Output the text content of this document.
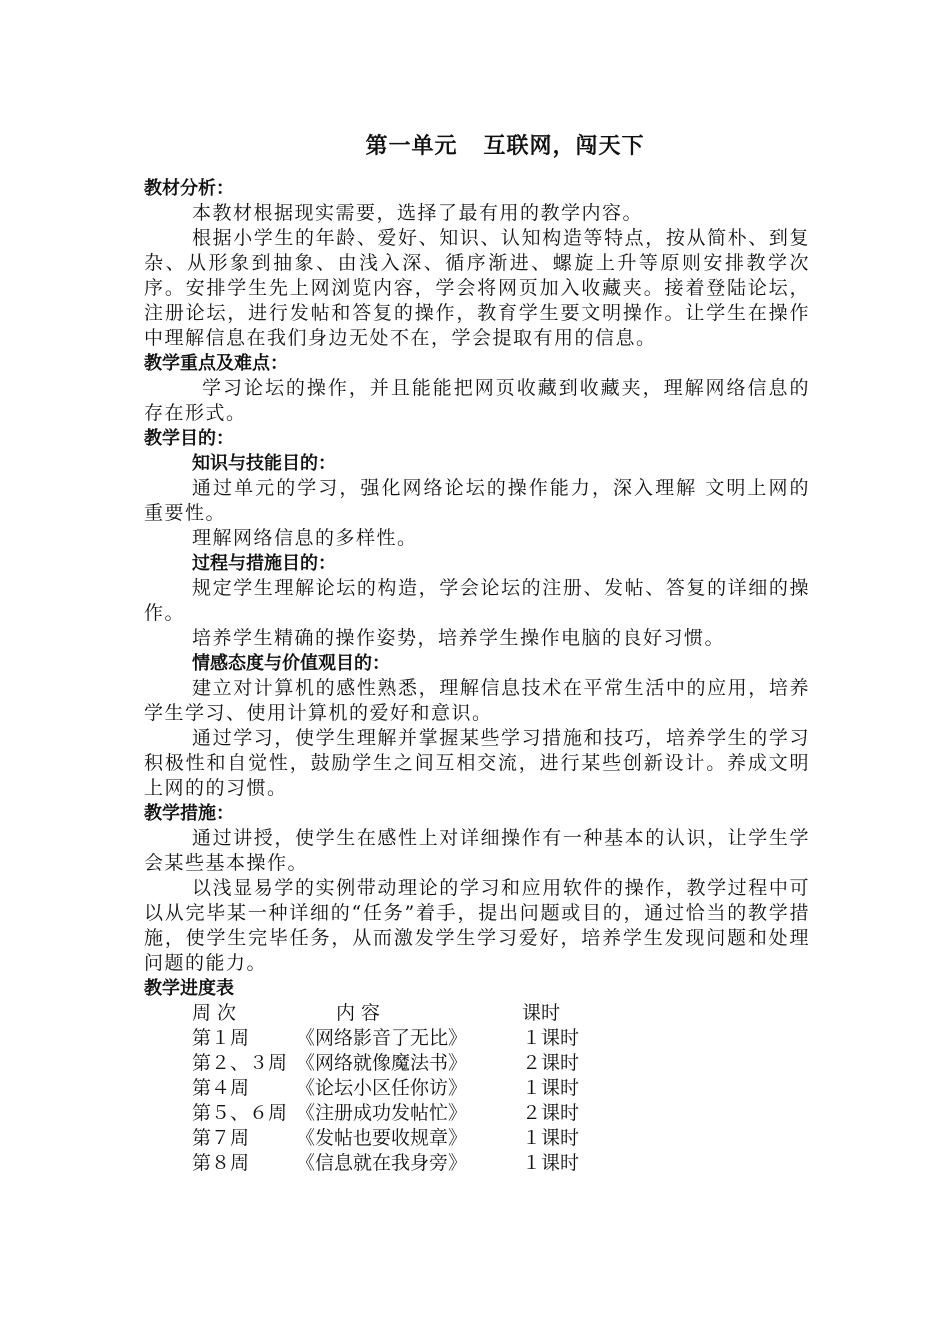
第一单元 互联网，闯天下
教材分析：
本教材根据现实需要，选择了最有用的教学内容。
根据小学生的年龄、爱好、知识、认知构造等特点，按从简朴、到复杂、从形象到抽象、由浅入深、循序渐进、螺旋上升等原则安排教学次序。安排学生先上网浏览内容，学会将网页加入收藏夹。接着登陆论坛，注册论坛，进行发帖和答复的操作，教育学生要文明操作。让学生在操作中理解信息在我们身边无处不在，学会提取有用的信息。
教学重点及难点：
学习论坛的操作，并且能能把网页收藏到收藏夹，理解网络信息的存在形式。
教学目的：
知识与技能目的：
通过单元的学习，强化网络论坛的操作能力，深入理解 文明上网的重要性。
理解网络信息的多样性。
过程与措施目的：
规定学生理解论坛的构造，学会论坛的注册、发帖、答复的详细的操作。
培养学生精确的操作姿势，培养学生操作电脑的良好习惯。
情感态度与价值观目的：
建立对计算机的感性熟悉，理解信息技术在平常生活中的应用，培养学生学习、使用计算机的爱好和意识。
通过学习，使学生理解并掌握某些学习措施和技巧，培养学生的学习积极性和自觉性，鼓励学生之间互相交流，进行某些创新设计。养成文明上网的的习惯。
教学措施：
通过讲授，使学生在感性上对详细操作有一种基本的认识，让学生学会某些基本操作。
以浅显易学的实例带动理论的学习和应用软件的操作，教学过程中可以从完毕某一种详细的“任务”着手，提出问题或目的，通过恰当的教学措施，使学生完毕任务，从而激发学生学习爱好，培养学生发现问题和处理问题的能力。
教学进度表
周 次	内 容	课时
第１周	《网络影音了无比》	１课时
第２、３周	《网络就像魔法书》	２课时
第４周	《论坛小区任你访》	１课时
第５、６周	《注册成功发帖忙》	２课时
第７周	《发帖也要收规章》	１课时
第８周	《信息就在我身旁》	１课时
